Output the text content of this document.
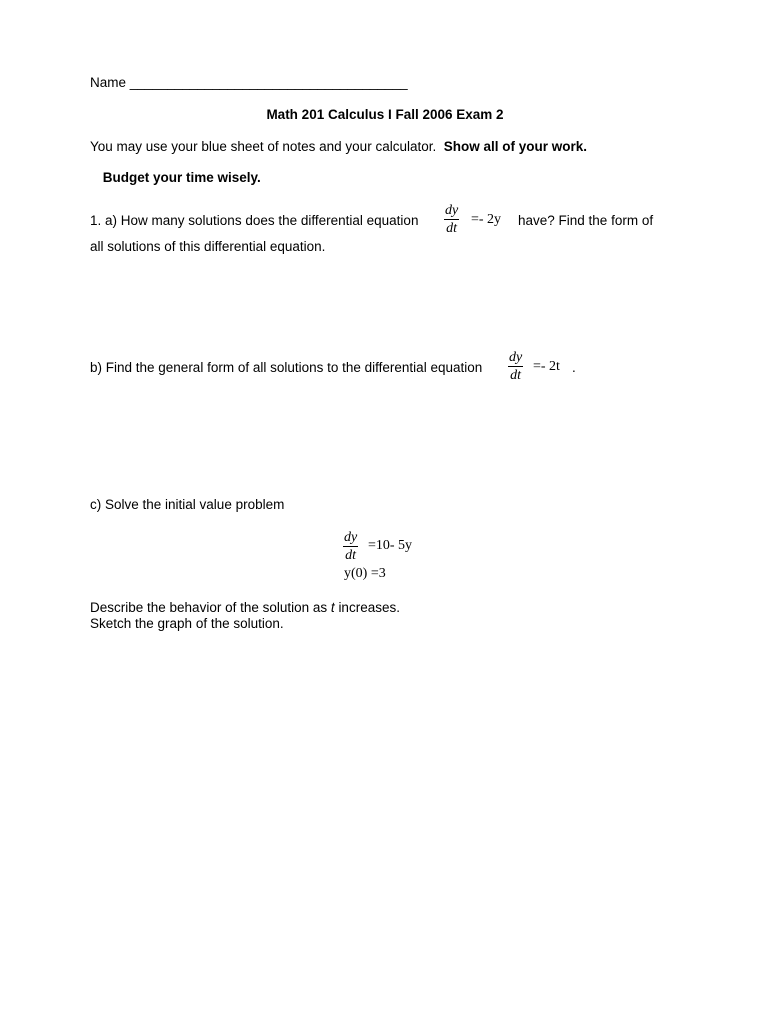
Name _____________________________________
Math 201 Calculus I Fall 2006 Exam 2
You may use your blue sheet of notes and your calculator. Show all of your work.
Budget your time wisely.
1. a) How many solutions does the differential equation
dy
dt
=- 2y have? Find the form of
all solutions of this differential equation.
b) Find the general form of all solutions to the differential equation
dy
dt
=- 2t .
c) Solve the initial value problem
dy
dt
=10- 5y
y(0) =3
Describe the behavior of the solution as t increases.
Sketch the graph of the solution.
